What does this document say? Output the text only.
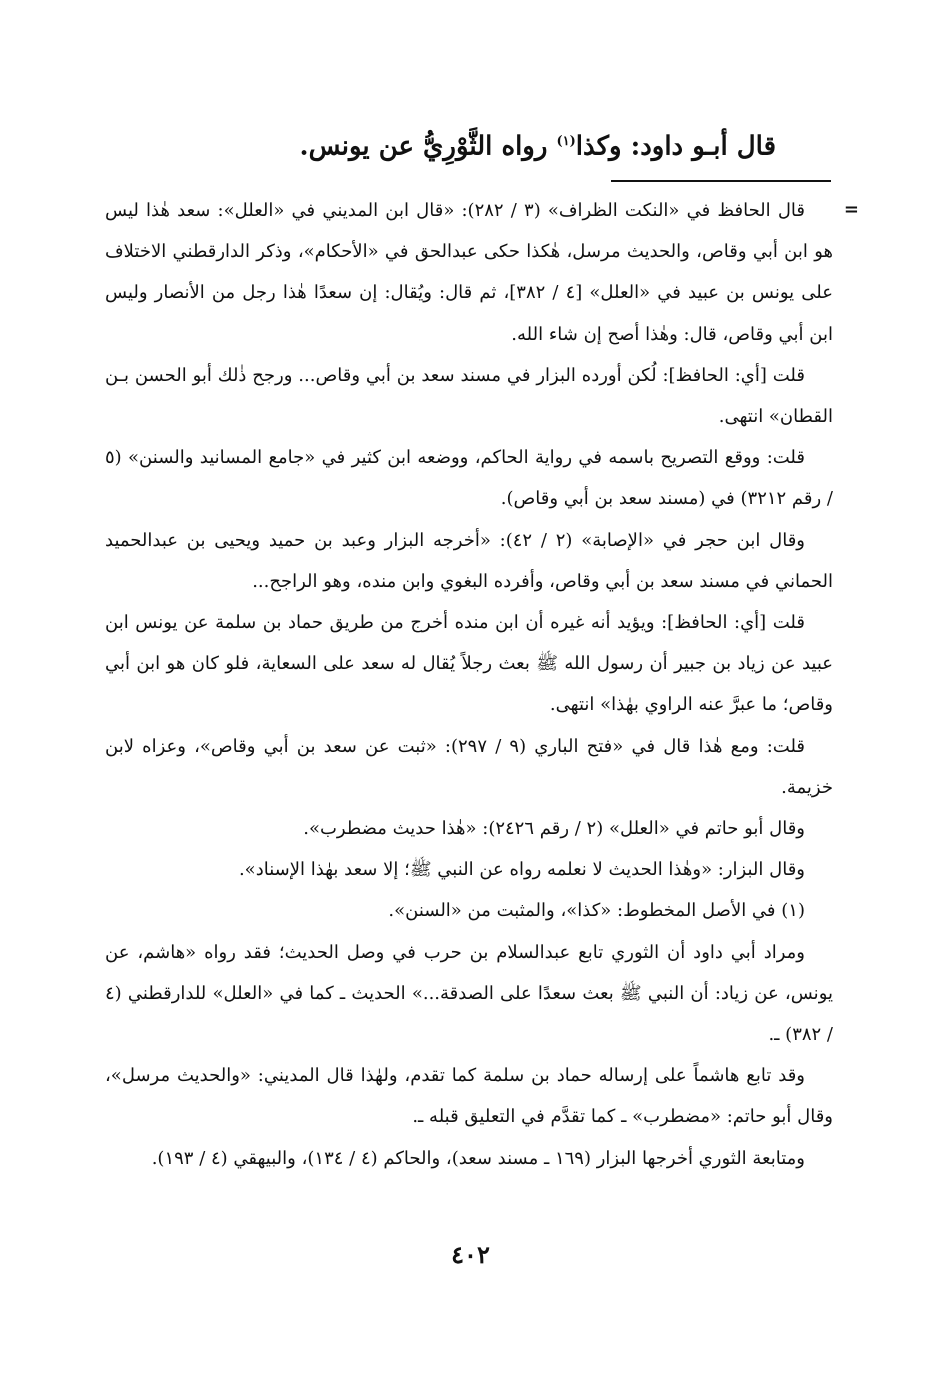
قال أبـو داود: وكذا$^{(١)}$ رواه الثَّوْرِيُّ عن يونس.

=

قال الحافظ في «النكت الظراف» (٣ / ٢٨٢): «قال ابن المديني في «العلل»: سعد هٰذا ليس هو ابن أبي وقاص، والحديث مرسل، هٰكذا حكى عبدالحق في «الأحكام»، وذكر الدارقطني الاختلاف على يونس بن عبيد في «العلل» [٤ / ٣٨٢]، ثم قال: ويُقال: إن سعدًا هٰذا رجل من الأنصار وليس ابن أبي وقاص، قال: وهٰذا أصح إن شاء الله.

قلت [أي: الحافظ]: لُكن أورده البزار في مسند سعد بن أبي وقاص... ورجح ذٰلك أبو الحسن بـن القطان» انتهى.

قلت: ووقع التصريح باسمه في رواية الحاكم، ووضعه ابن كثير في «جامع المسانيد والسنن» (٥ / رقم ٣٢١٢) في (مسند سعد بن أبي وقاص).

وقال ابن حجر في «الإصابة» (٢ / ٤٢): «أخرجه البزار وعبد بن حميد ويحيى بن عبدالحميد الحماني في مسند سعد بن أبي وقاص، وأفرده البغوي وابن منده، وهو الراجح...

قلت [أي: الحافظ]: ويؤيد أنه غيره أن ابن منده أخرج من طريق حماد بن سلمة عن يونس ابن عبيد عن زياد بن جبير أن رسول الله ﷺ بعث رجلاً يُقال له سعد على السعاية، فلو كان هو ابن أبي وقاص؛ ما عبرَّ عنه الراوي بهٰذا» انتهى.

قلت: ومع هٰذا قال في «فتح الباري (٩ / ٢٩٧): «ثبت عن سعد بن أبي وقاص»، وعزاه لابن خزيمة.

وقال أبو حاتم في «العلل» (٢ / رقم ٢٤٢٦): «هٰذا حديث مضطرب».

وقال البزار: «وهٰذا الحديث لا نعلمه رواه عن النبي ﷺ؛ إلا سعد بهٰذا الإسناد».

(١) في الأصل المخطوط: «كذا»، والمثبت من «السنن».

ومراد أبي داود أن الثوري تابع عبدالسلام بن حرب في وصل الحديث؛ فقد رواه «هاشم، عن يونس، عن زياد: أن النبي ﷺ بعث سعدًا على الصدقة...» الحديث ـ كما في «العلل» للدارقطني (٤ / ٣٨٢) ـ.

وقد تابع هاشماً على إرساله حماد بن سلمة كما تقدم، ولهٰذا قال المديني: «والحديث مرسل»، وقال أبو حاتم: «مضطرب» ـ كما تقدَّم في التعليق قبله ـ.

ومتابعة الثوري أخرجها البزار (١٦٩ ـ مسند سعد)، والحاكم (٤ / ١٣٤)، والبيهقي (٤ / ١٩٣).

٤٠٢
